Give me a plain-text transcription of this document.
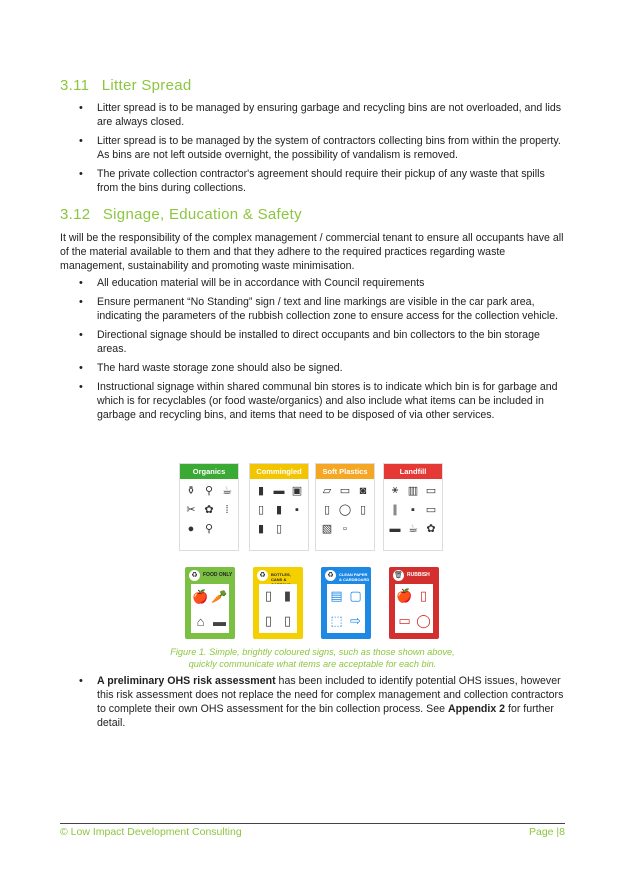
3.11 Litter Spread
• Litter spread is to be managed by ensuring garbage and recycling bins are not overloaded, and lids are always closed.
• Litter spread is to be managed by the system of contractors collecting bins from within the property. As bins are not left outside overnight, the possibility of vandalism is removed.
• The private collection contractor's agreement should require their pickup of any waste that spills from the bins during collections.
3.12 Signage, Education & Safety
It will be the responsibility of the complex management / commercial tenant to ensure all occupants have all of the material available to them and that they adhere to the required practices regarding waste management, sustainability and promoting waste minimisation.
• All education material will be in accordance with Council requirements
• Ensure permanent “No Standing” sign / text and line markings are visible in the car park area, indicating the parameters of the rubbish collection zone to ensure access for the collection vehicle.
• Directional signage should be installed to direct occupants and bin collectors to the bin storage areas.
• The hard waste storage zone should also be signed.
• Instructional signage within shared communal bin stores is to indicate which bin is for garbage and which is for recyclables (or food waste/organics) and also include what items can be included in garbage and recycling bins, and items that need to be disposed of via other services.
Organics
⚱ ⚲ ☕
✂ ✿	⁞
● ⚲
Commingled
▮ ▬ ▣
▯	▮	▪
▮	▯
Soft Plastics
▱ ▭ ◙
▯ ◯ ▯
▧ ▫
Landfill
⚹ ▥ ▭
∥	▪ ▭
▬ ☕ ✿
♻	FOOD ONLY
🍎 🥕
⌂ ▬
♻	BOTTLES, CANS &
▯ ▮
▯ ▯
♻	CLEAN PAPER & CARDBOARD
▤ ▢
⬚ ⇨
🗑 RUBBISH
🍎 ▯
▭ ◯
Figure 1. Simple, brightly coloured signs, such as those shown above,
quickly communicate what items are acceptable for each bin.
• A preliminary OHS risk assessment has been included to identify potential OHS issues, however this risk assessment does not replace the need for complex management and collection contractors to complete their own OHS assessment for the bin collection process. See Appendix 2 for further detail.
© Low Impact Development Consulting	Page |8
